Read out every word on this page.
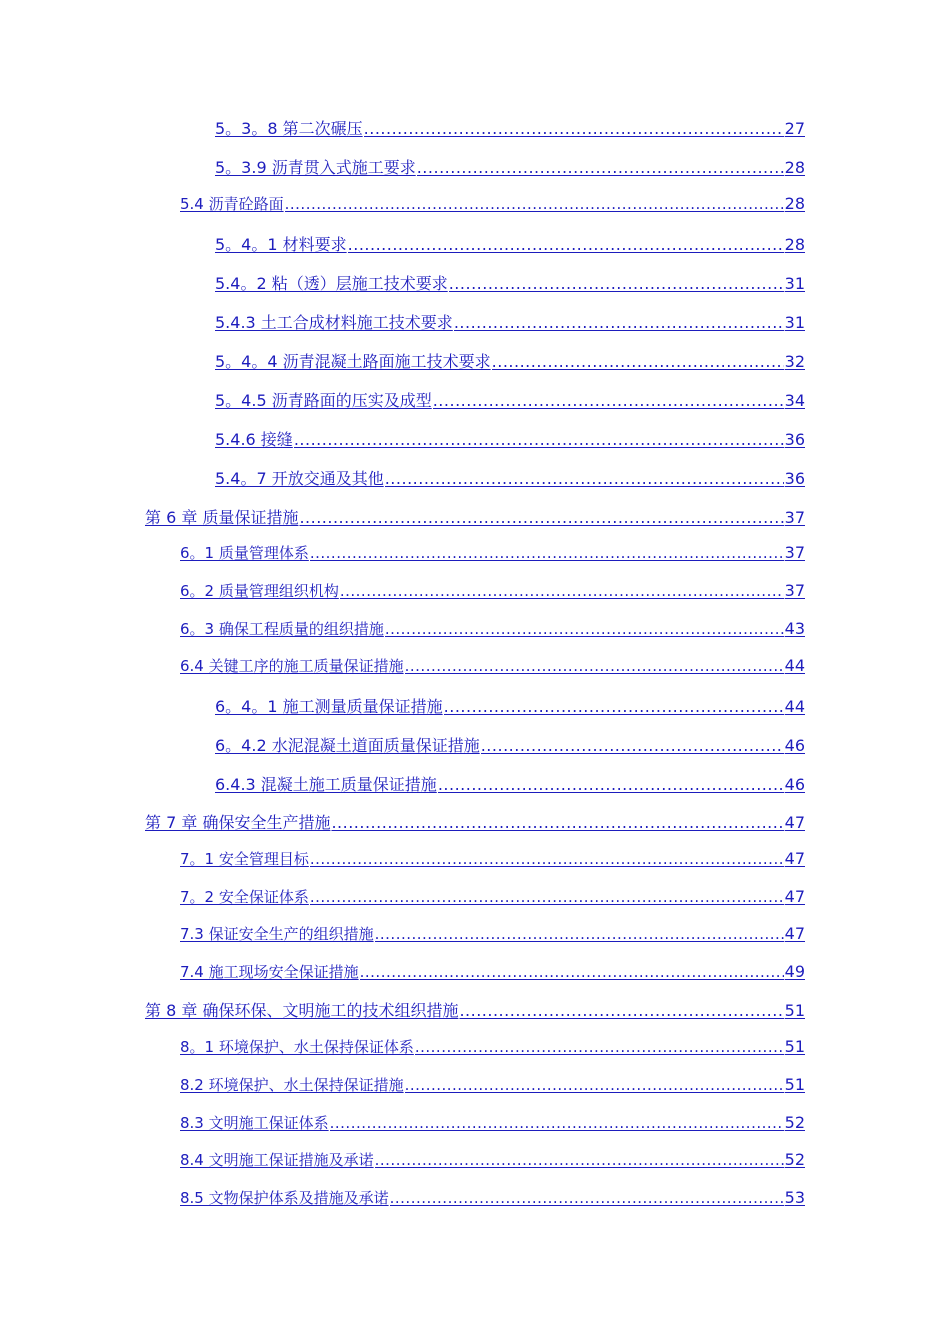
5。3。8 第二次碾压 .....	27
5。3.9 沥青贯入式施工要求 .....	28
5.4 沥青砼路面 .....	28
5。4。1 材料要求 .....	28
5.4。2 粘（透）层施工技术要求 .....	31
5.4.3 土工合成材料施工技术要求 .....	31
5。4。4 沥青混凝土路面施工技术要求 .....	32
5。4.5 沥青路面的压实及成型 .....	34
5.4.6 接缝 .....	36
5.4。7 开放交通及其他 .....	36
第 6 章 质量保证措施 .....	37
6。1 质量管理体系 .....	37
6。2 质量管理组织机构 .....	37
6。3 确保工程质量的组织措施 .....	43
6.4 关键工序的施工质量保证措施 .....	44
6。4。1 施工测量质量保证措施 .....	44
6。4.2 水泥混凝土道面质量保证措施 .....	46
6.4.3 混凝土施工质量保证措施 .....	46
第 7 章 确保安全生产措施 .....	47
7。1 安全管理目标 .....	47
7。2 安全保证体系 .....	47
7.3 保证安全生产的组织措施 .....	47
7.4 施工现场安全保证措施 .....	49
第 8 章 确保环保、文明施工的技术组织措施 .....	51
8。1 环境保护、水土保持保证体系 .....	51
8.2 环境保护、水土保持保证措施 .....	51
8.3 文明施工保证体系 .....	52
8.4 文明施工保证措施及承诺 .....	52
8.5 文物保护体系及措施及承诺 .....	53
